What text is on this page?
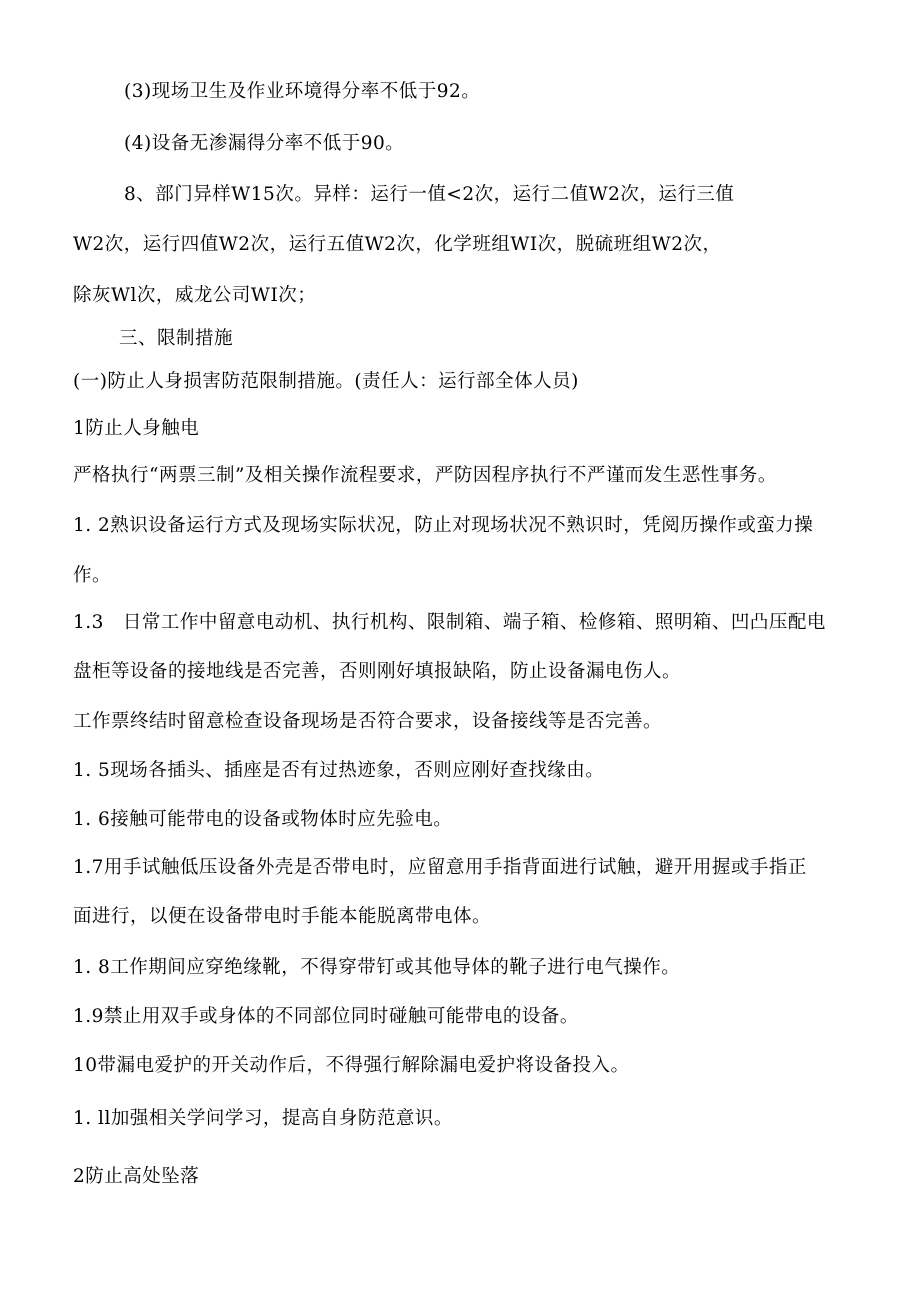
(3)现场卫生及作业环境得分率不低于92。
(4)设备无渗漏得分率不低于90。
8、部门异样W15次。异样：运行一值<2次，运行二值W2次，运行三值
W2次，运行四值W2次，运行五值W2次，化学班组WI次，脱硫班组W2次，
除灰Wl次，威龙公司WI次；
三、限制措施
(一)防止人身损害防范限制措施。(责任人：运行部全体人员)
1防止人身触电
严格执行“两票三制”及相关操作流程要求，严防因程序执行不严谨而发生恶性事务。
1. 2熟识设备运行方式及现场实际状况，防止对现场状况不熟识时，凭阅历操作或蛮力操
作。
1.3　日常工作中留意电动机、执行机构、限制箱、端子箱、检修箱、照明箱、凹凸压配电
盘柜等设备的接地线是否完善，否则刚好填报缺陷，防止设备漏电伤人。
工作票终结时留意检查设备现场是否符合要求，设备接线等是否完善。
1. 5现场各插头、插座是否有过热迹象，否则应刚好查找缘由。
1. 6接触可能带电的设备或物体时应先验电。
1.7用手试触低压设备外壳是否带电时，应留意用手指背面进行试触，避开用握或手指正
面进行，以便在设备带电时手能本能脱离带电体。
1. 8工作期间应穿绝缘靴，不得穿带钉或其他导体的靴子进行电气操作。
1.9禁止用双手或身体的不同部位同时碰触可能带电的设备。
10带漏电爱护的开关动作后，不得强行解除漏电爱护将设备投入。
1. ll加强相关学问学习，提高自身防范意识。
2防止高处坠落
